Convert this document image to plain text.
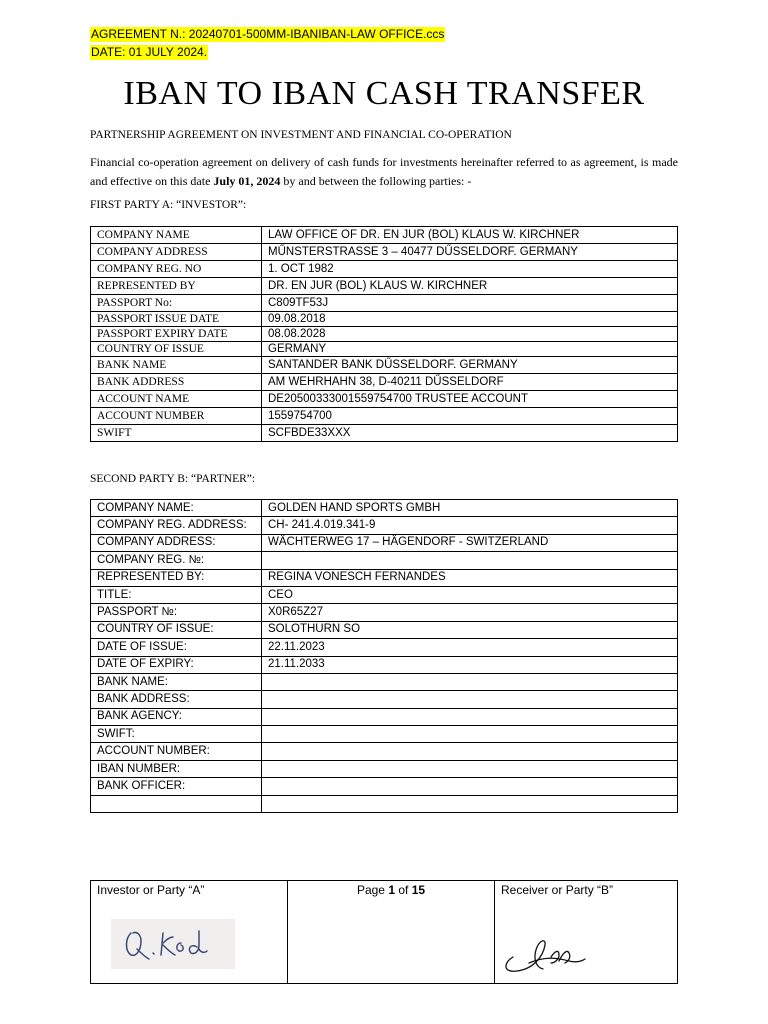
AGREEMENT N.: 20240701-500MM-IBANIBAN-LAW OFFICE.ccs
DATE: 01 JULY 2024.
IBAN TO IBAN CASH TRANSFER
PARTNERSHIP AGREEMENT ON INVESTMENT AND FINANCIAL CO-OPERATION
Financial co-operation agreement on delivery of cash funds for investments hereinafter referred to as agreement, is made and effective on this date July 01, 2024 by and between the following parties: -
FIRST PARTY A: “INVESTOR”:
COMPANY NAME	LAW OFFICE OF DR. EN JUR (BOL) KLAUS W. KIRCHNER
COMPANY ADDRESS	MŰNSTERSTRASSE 3 – 40477 DŰSSELDORF. GERMANY
COMPANY REG. NO	1. OCT 1982
REPRESENTED BY	DR. EN JUR (BOL) KLAUS W. KIRCHNER
PASSPORT No:	C809TF53J
PASSPORT ISSUE DATE	09.08.2018
PASSPORT EXPIRY DATE	08.08.2028
COUNTRY OF ISSUE	GERMANY
BANK NAME	SANTANDER BANK DŰSSELDORF. GERMANY
BANK ADDRESS	AM WEHRHAHN 38, D-40211 DŰSSELDORF
ACCOUNT NAME	DE20500333001559754700 TRUSTEE ACCOUNT
ACCOUNT NUMBER	1559754700
SWIFT	SCFBDE33XXX
SECOND PARTY B: “PARTNER”:
COMPANY NAME:	GOLDEN HAND SPORTS GMBH
COMPANY REG. ADDRESS:	CH- 241.4.019.341-9
COMPANY ADDRESS:	WÄCHTERWEG 17 – HÄGENDORF - SWITZERLAND
COMPANY REG. №:	
REPRESENTED BY:	REGINA VONESCH FERNANDES
TITLE:	CEO
PASSPORT №:	X0R65Z27
COUNTRY OF ISSUE:	SOLOTHURN SO
DATE OF ISSUE:	22.11.2023
DATE OF EXPIRY:	21.11.2033
BANK NAME:	
BANK ADDRESS:	
BANK AGENCY:	
SWIFT:	
ACCOUNT NUMBER:	
IBAN NUMBER:	
BANK OFFICER:	

Investor or Party “A”	Page 1 of 15	Receiver or Party “B”
